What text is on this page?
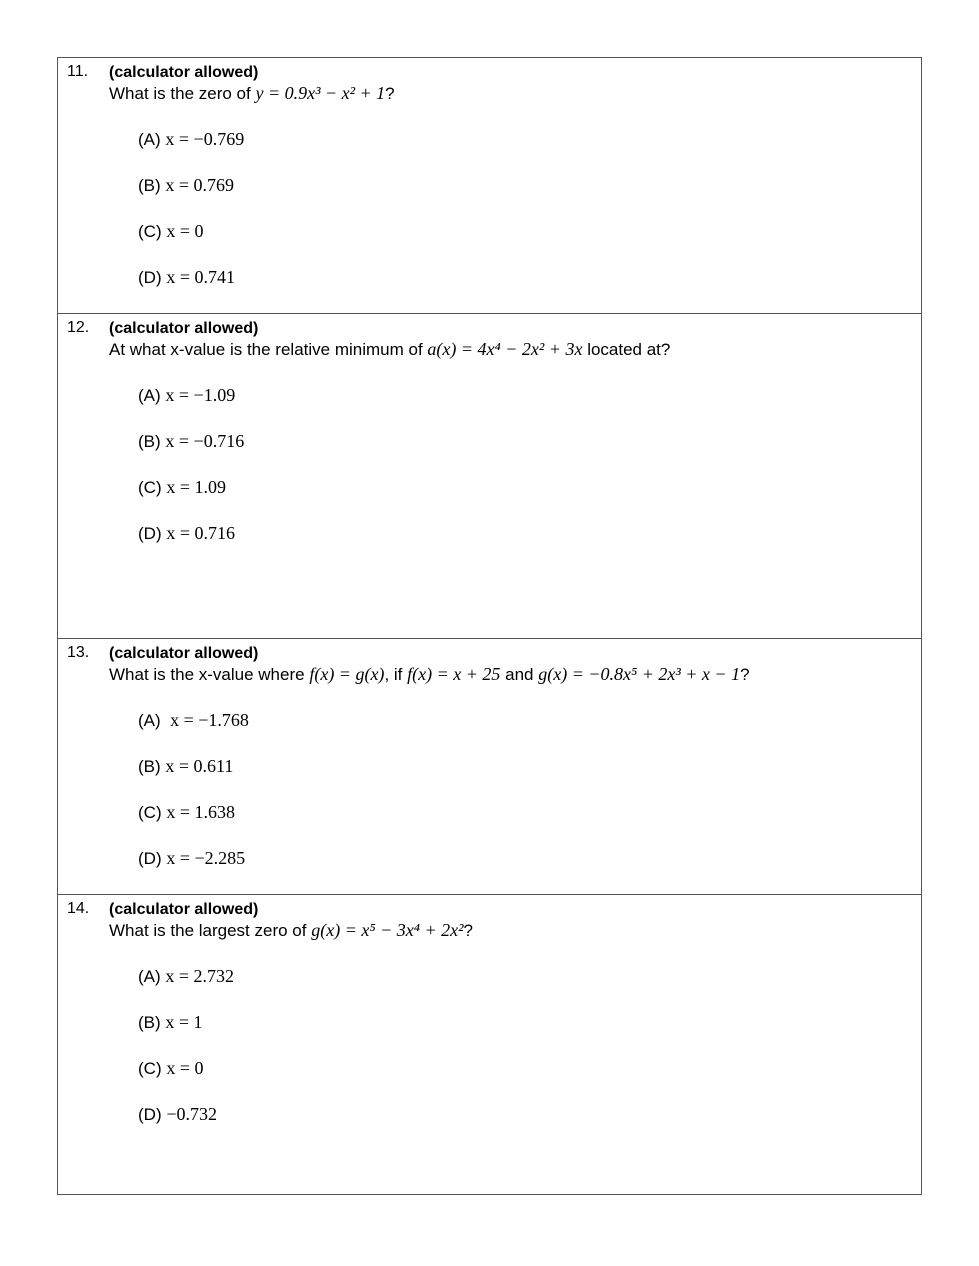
11. (calculator allowed)
What is the zero of y = 0.9x³ − x² + 1?
(A) x = −0.769
(B) x = 0.769
(C) x = 0
(D) x = 0.741
12. (calculator allowed)
At what x-value is the relative minimum of a(x) = 4x⁴ − 2x² + 3x located at?
(A) x = −1.09
(B) x = −0.716
(C) x = 1.09
(D) x = 0.716
13. (calculator allowed)
What is the x-value where f(x) = g(x), if f(x) = x + 25 and g(x) = −0.8x⁵ + 2x³ + x − 1?
(A) x = −1.768
(B) x = 0.611
(C) x = 1.638
(D) x = −2.285
14. (calculator allowed)
What is the largest zero of g(x) = x⁵ − 3x⁴ + 2x²?
(A) x = 2.732
(B) x = 1
(C) x = 0
(D) −0.732
